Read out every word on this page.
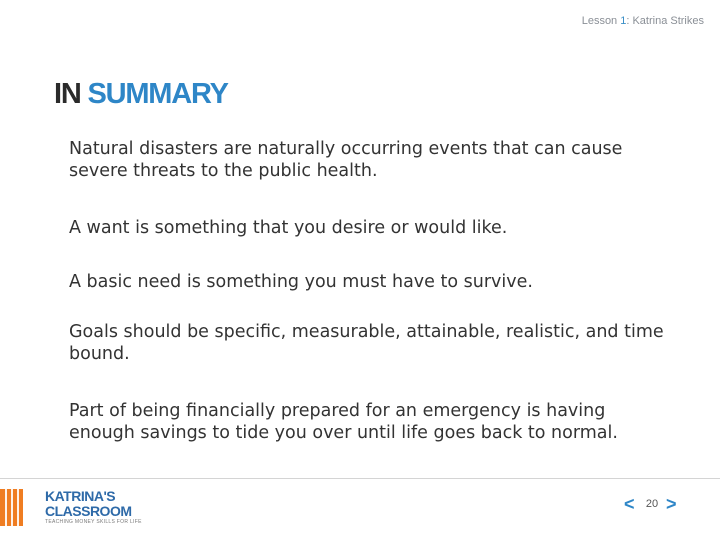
Lesson 1: Katrina Strikes
IN SUMMARY
Natural disasters are naturally occurring events that can cause severe threats to the public health.
A want is something that you desire or would like.
A basic need is something you must have to survive.
Goals should be specific, measurable, attainable, realistic, and time bound.
Part of being financially prepared for an emergency is having enough savings to tide you over until life goes back to normal.
KATRINA'S
CLASSROOM
TEACHING MONEY SKILLS FOR LIFE
<	20 >
